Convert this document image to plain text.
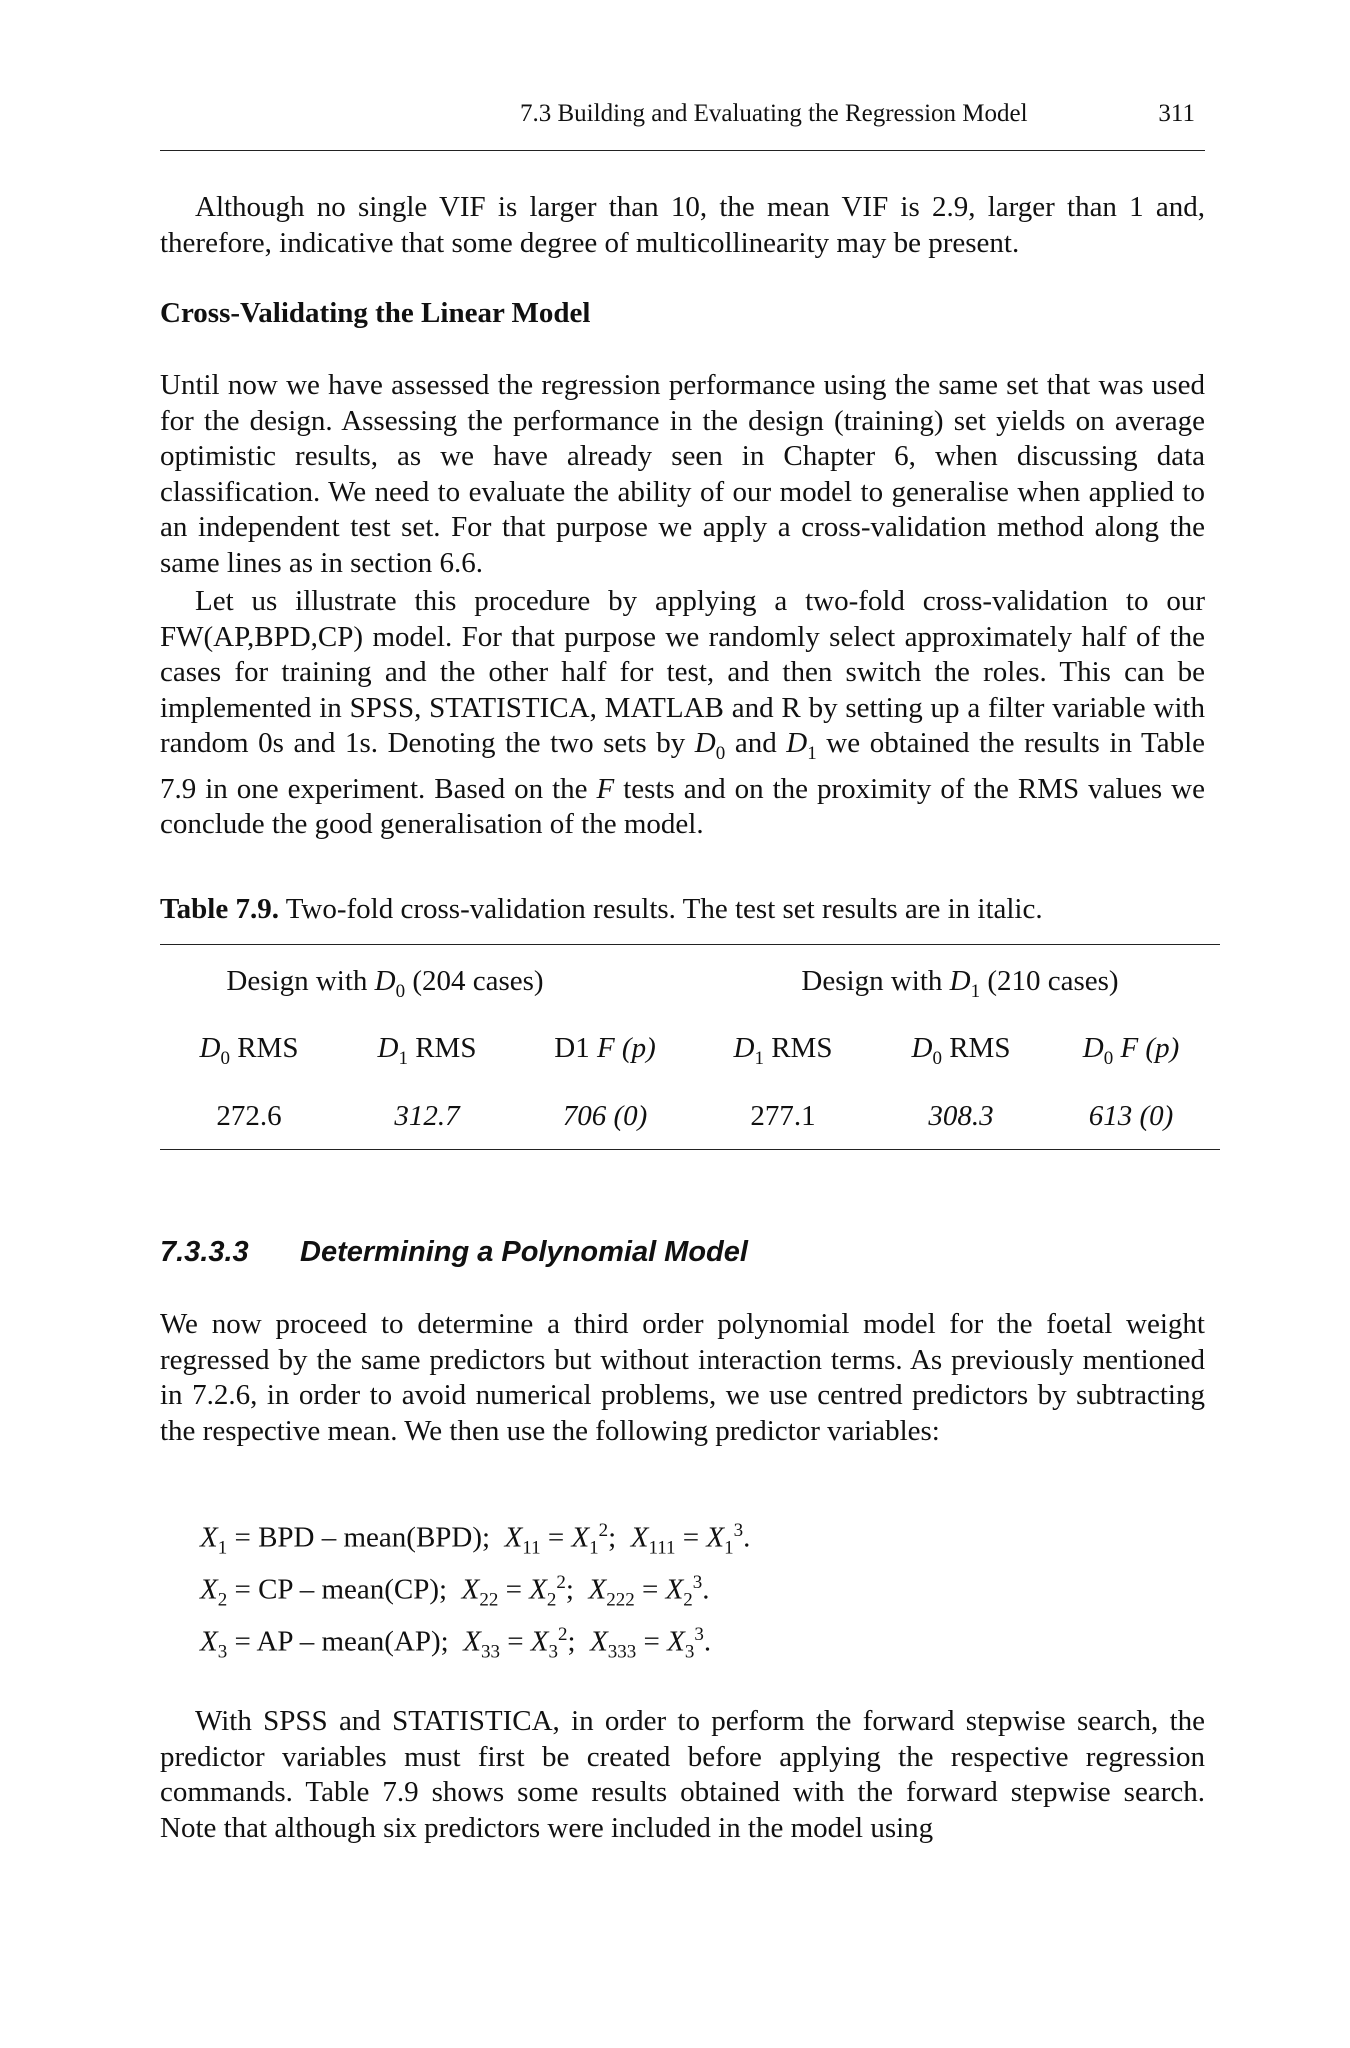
7.3 Building and Evaluating the Regression Model	311

Although no single VIF is larger than 10, the mean VIF is 2.9, larger than 1 and, therefore, indicative that some degree of multicollinearity may be present.

Cross-Validating the Linear Model

Until now we have assessed the regression performance using the same set that was used for the design. Assessing the performance in the design (training) set yields on average optimistic results, as we have already seen in Chapter 6, when discussing data classification. We need to evaluate the ability of our model to generalise when applied to an independent test set. For that purpose we apply a cross-validation method along the same lines as in section 6.6.

Let us illustrate this procedure by applying a two-fold cross-validation to our FW(AP,BPD,CP) model. For that purpose we randomly select approximately half of the cases for training and the other half for test, and then switch the roles. This can be implemented in SPSS, STATISTICA, MATLAB and R by setting up a filter variable with random 0s and 1s. Denoting the two sets by $D_0$ and $D_1$ we obtained the results in Table 7.9 in one experiment. Based on the F tests and on the proximity of the RMS values we conclude the good generalisation of the model.

Table 7.9. Two-fold cross-validation results. The test set results are in italic.
Design with $D_0$ (204 cases)	Design with $D_1$ (210 cases)
$D_0$ RMS	$D_1$ RMS	D1 F (p)	$D_1$ RMS	$D_0$ RMS	$D_0$ F (p)
272.6	312.7	706 (0)	277.1	308.3	613 (0)
7.3.3.3 Determining a Polynomial Model

We now proceed to determine a third order polynomial model for the foetal weight regressed by the same predictors but without interaction terms. As previously mentioned in 7.2.6, in order to avoid numerical problems, we use centred predictors by subtracting the respective mean. We then use the following predictor variables:

$X_1$ = BPD – mean(BPD); $X_{11} = X_1^2$;  $X_{111} = X_1^3$.
$X_2$ = CP – mean(CP); $X_{22} = X_2^2$;  $X_{222} = X_2^3$.
$X_3$ = AP – mean(AP); $X_{33} = X_3^2$;  $X_{333} = X_3^3$.

With SPSS and STATISTICA, in order to perform the forward stepwise search, the predictor variables must first be created before applying the respective regression commands. Table 7.9 shows some results obtained with the forward stepwise search. Note that although six predictors were included in the model using
